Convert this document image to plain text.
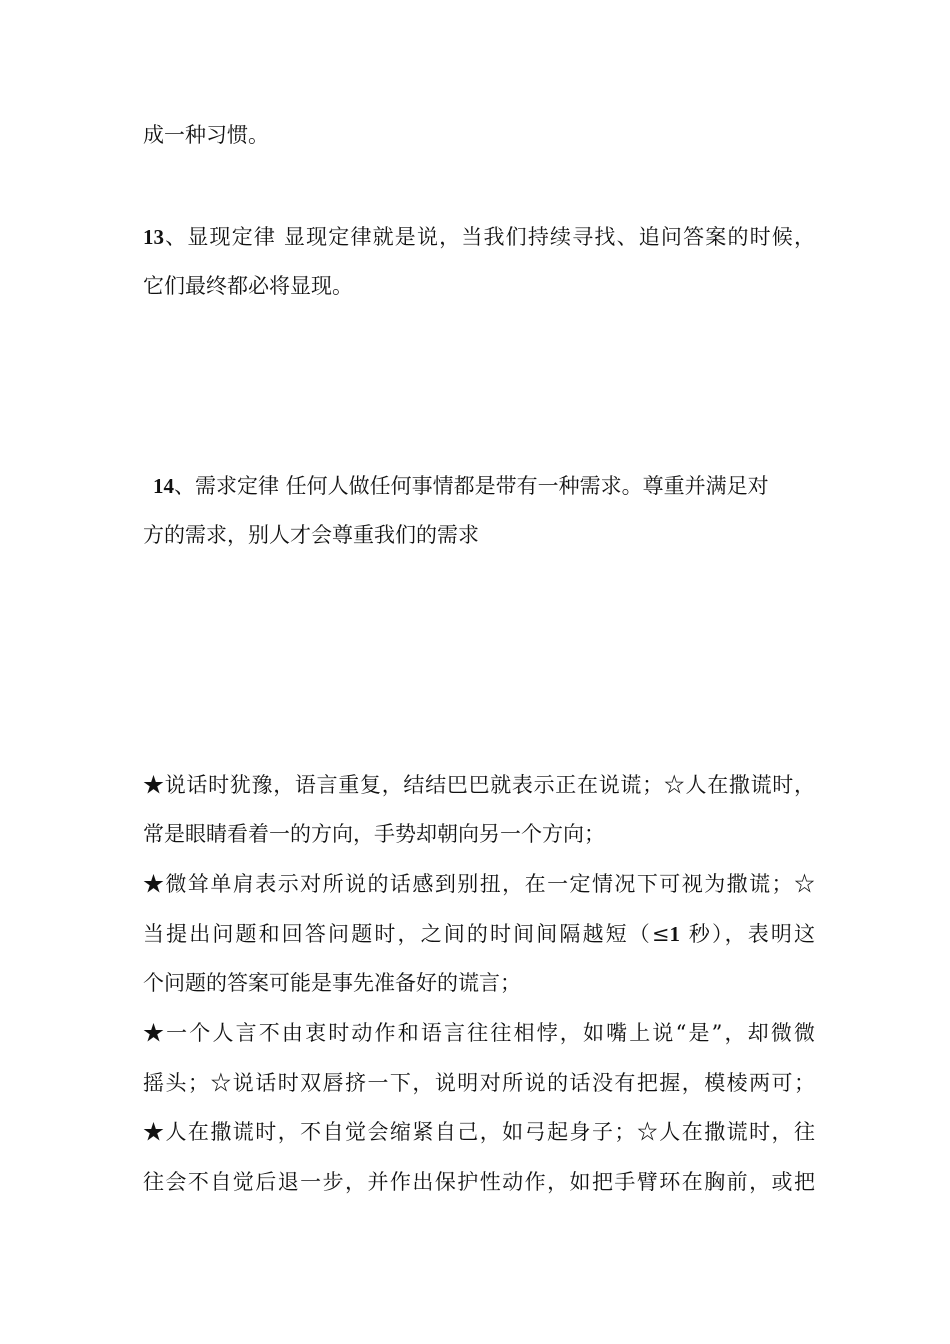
成一种习惯。
13、显现定律 显现定律就是说，当我们持续寻找、追问答案的时候，
它们最终都必将显现。
14、需求定律 任何人做任何事情都是带有一种需求。尊重并满足对
方的需求，别人才会尊重我们的需求
★说话时犹豫，语言重复，结结巴巴就表示正在说谎；☆人在撒谎时，
常是眼睛看着一的方向，手势却朝向另一个方向；
★微耸单肩表示对所说的话感到别扭，在一定情况下可视为撒谎；☆
当提出问题和回答问题时，之间的时间间隔越短（≤1 秒），表明这
个问题的答案可能是事先准备好的谎言；
★一个人言不由衷时动作和语言往往相悖，如嘴上说“是”，却微微
摇头；☆说话时双唇挤一下，说明对所说的话没有把握，模棱两可；
★人在撒谎时，不自觉会缩紧自己，如弓起身子；☆人在撒谎时，往
往会不自觉后退一步，并作出保护性动作，如把手臂环在胸前，或把
